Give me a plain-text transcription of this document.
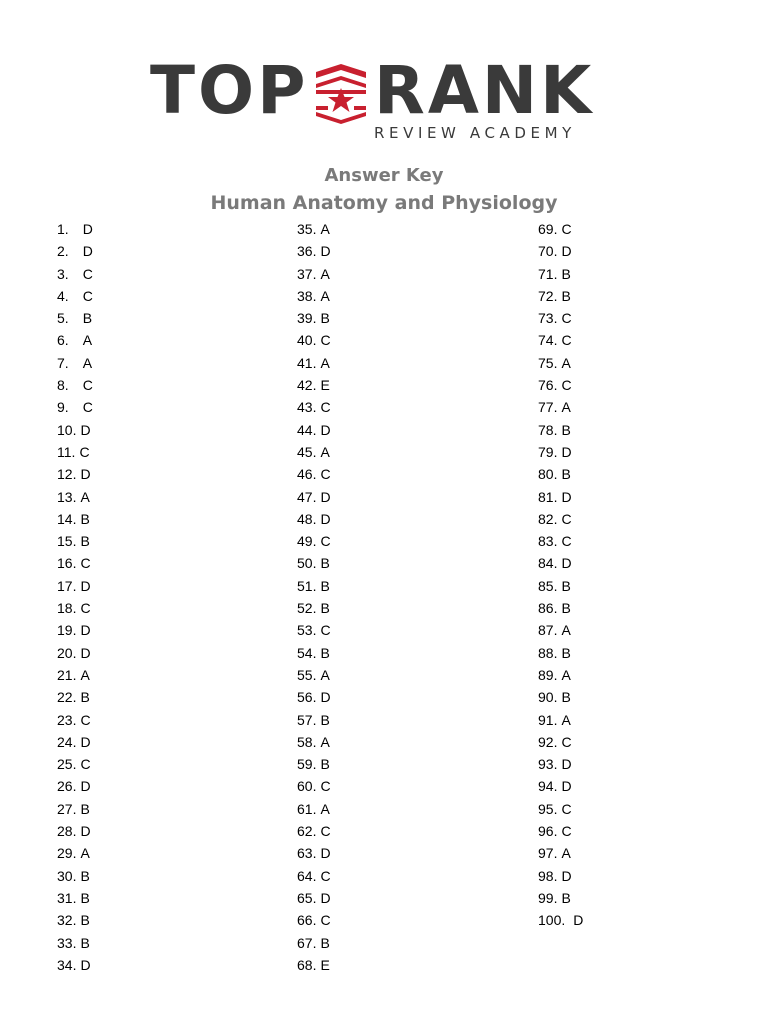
TOP RANK
REVIEW ACADEMY
Answer Key
Human Anatomy and Physiology
1. D
2. D
3. C
4. C
5. B
6. A
7. A
8. C
9. C
10. D
11. C
12. D
13. A
14. B
15. B
16. C
17. D
18. C
19. D
20. D
21. A
22. B
23. C
24. D
25. C
26. D
27. B
28. D
29. A
30. B
31. B
32. B
33. B
34. D
35. A
36. D
37. A
38. A
39. B
40. C
41. A
42. E
43. C
44. D
45. A
46. C
47. D
48. D
49. C
50. B
51. B
52. B
53. C
54. B
55. A
56. D
57. B
58. A
59. B
60. C
61. A
62. C
63. D
64. C
65. D
66. C
67. B
68. E
69. C
70. D
71. B
72. B
73. C
74. C
75. A
76. C
77. A
78. B
79. D
80. B
81. D
82. C
83. C
84. D
85. B
86. B
87. A
88. B
89. A
90. B
91. A
92. C
93. D
94. D
95. C
96. C
97. A
98. D
99. B
100. D
